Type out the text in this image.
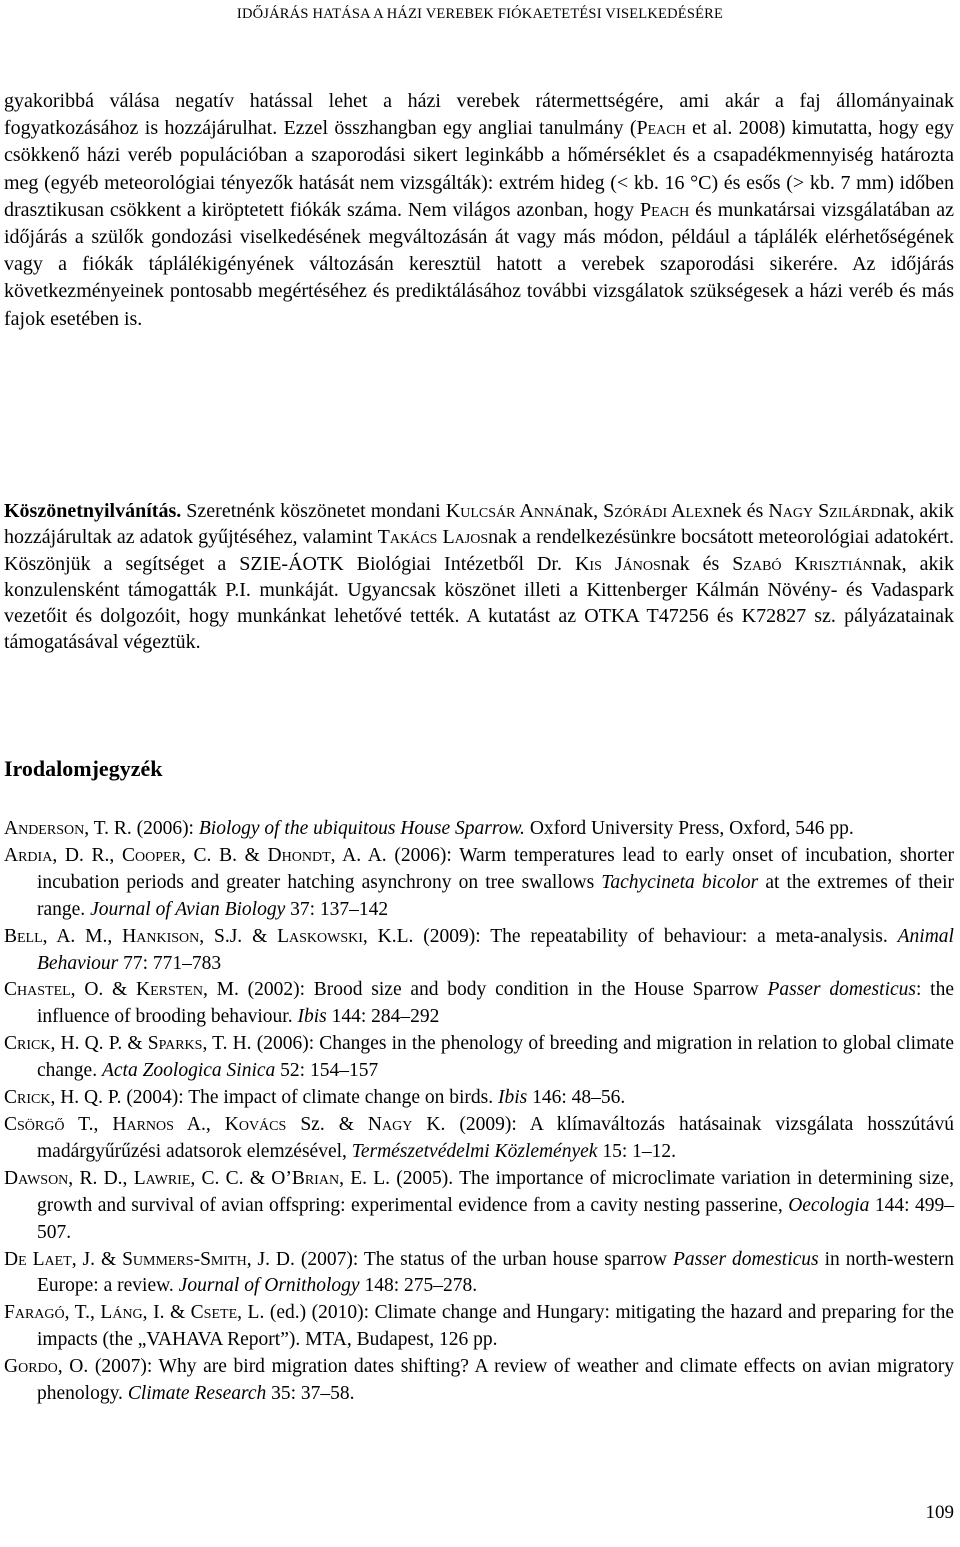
IDŐJÁRÁS HATÁSA A HÁZI VEREBEK FIÓKAETETÉSI VISELKEDÉSÉRE

gyakoribbá válása negatív hatással lehet a házi verebek rátermettségére, ami akár a faj állományainak fogyatkozásához is hozzájárulhat. Ezzel összhangban egy angliai tanulmány (Peach et al. 2008) kimutatta, hogy egy csökkenő házi veréb populációban a szaporodási sikert leginkább a hőmérséklet és a csapadékmennyiség határozta meg (egyéb meteorológiai tényezők hatását nem vizsgálták): extrém hideg (< kb. 16 °C) és esős (> kb. 7 mm) időben drasztikusan csökkent a kiröptetett fiókák száma. Nem világos azonban, hogy Peach és munkatársai vizsgálatában az időjárás a szülők gondozási viselkedésének megváltozásán át vagy más módon, például a táplálék elérhetőségének vagy a fiókák táplálékigényének változásán keresztül hatott a verebek szaporodási sikerére. Az időjárás következményeinek pontosabb megértéséhez és prediktálásához további vizsgálatok szükségesek a házi veréb és más fajok esetében is.

Köszönetnyilvánítás. Szeretnénk köszönetet mondani Kulcsár Annának, Szórádi Alexnek és Nagy Szilárdnak, akik hozzájárultak az adatok gyűjtéséhez, valamint Takács Lajosnak a rendelkezésünkre bocsátott meteorológiai adatokért. Köszönjük a segítséget a SZIE-ÁOTK Biológiai Intézetből Dr. Kis Jánosnak és Szabó Krisztiánnak, akik konzulensként támogatták P.I. munkáját. Ugyancsak köszönet illeti a Kittenberger Kálmán Növény- és Vadaspark vezetőit és dolgozóit, hogy munkánkat lehetővé tették. A kutatást az OTKA T47256 és K72827 sz. pályázatainak támogatásával végeztük.

Irodalomjegyzék
Anderson, T. R. (2006): Biology of the ubiquitous House Sparrow. Oxford University Press, Oxford, 546 pp.
Ardia, D. R., Cooper, C. B. & Dhondt, A. A. (2006): Warm temperatures lead to early onset of incubation, shorter incubation periods and greater hatching asynchrony on tree swallows Tachycineta bicolor at the extremes of their range. Journal of Avian Biology 37: 137–142
Bell, A. M., Hankison, S.J. & Laskowski, K.L. (2009): The repeatability of behaviour: a meta-analysis. Animal Behaviour 77: 771–783
Chastel, O. & Kersten, M. (2002): Brood size and body condition in the House Sparrow Passer domesticus: the influence of brooding behaviour. Ibis 144: 284–292
Crick, H. Q. P. & Sparks, T. H. (2006): Changes in the phenology of breeding and migration in relation to global climate change. Acta Zoologica Sinica 52: 154–157
Crick, H. Q. P. (2004): The impact of climate change on birds. Ibis 146: 48–56.
Csörgő T., Harnos A., Kovács Sz. & Nagy K. (2009): A klímaváltozás hatásainak vizsgálata hosszútávú madárgyűrűzési adatsorok elemzésével, Természetvédelmi Közlemények 15: 1–12.
Dawson, R. D., Lawrie, C. C. & O’Brian, E. L. (2005). The importance of microclimate variation in determining size, growth and survival of avian offspring: experimental evidence from a cavity nesting passerine, Oecologia 144: 499–507.
De Laet, J. & Summers-Smith, J. D. (2007): The status of the urban house sparrow Passer domesticus in north-western Europe: a review. Journal of Ornithology 148: 275–278.
Faragó, T., Láng, I. & Csete, L. (ed.) (2010): Climate change and Hungary: mitigating the hazard and preparing for the impacts (the „VAHAVA Report”). MTA, Budapest, 126 pp.
Gordo, O. (2007): Why are bird migration dates shifting? A review of weather and climate effects on avian migratory phenology. Climate Research 35: 37–58.
109
